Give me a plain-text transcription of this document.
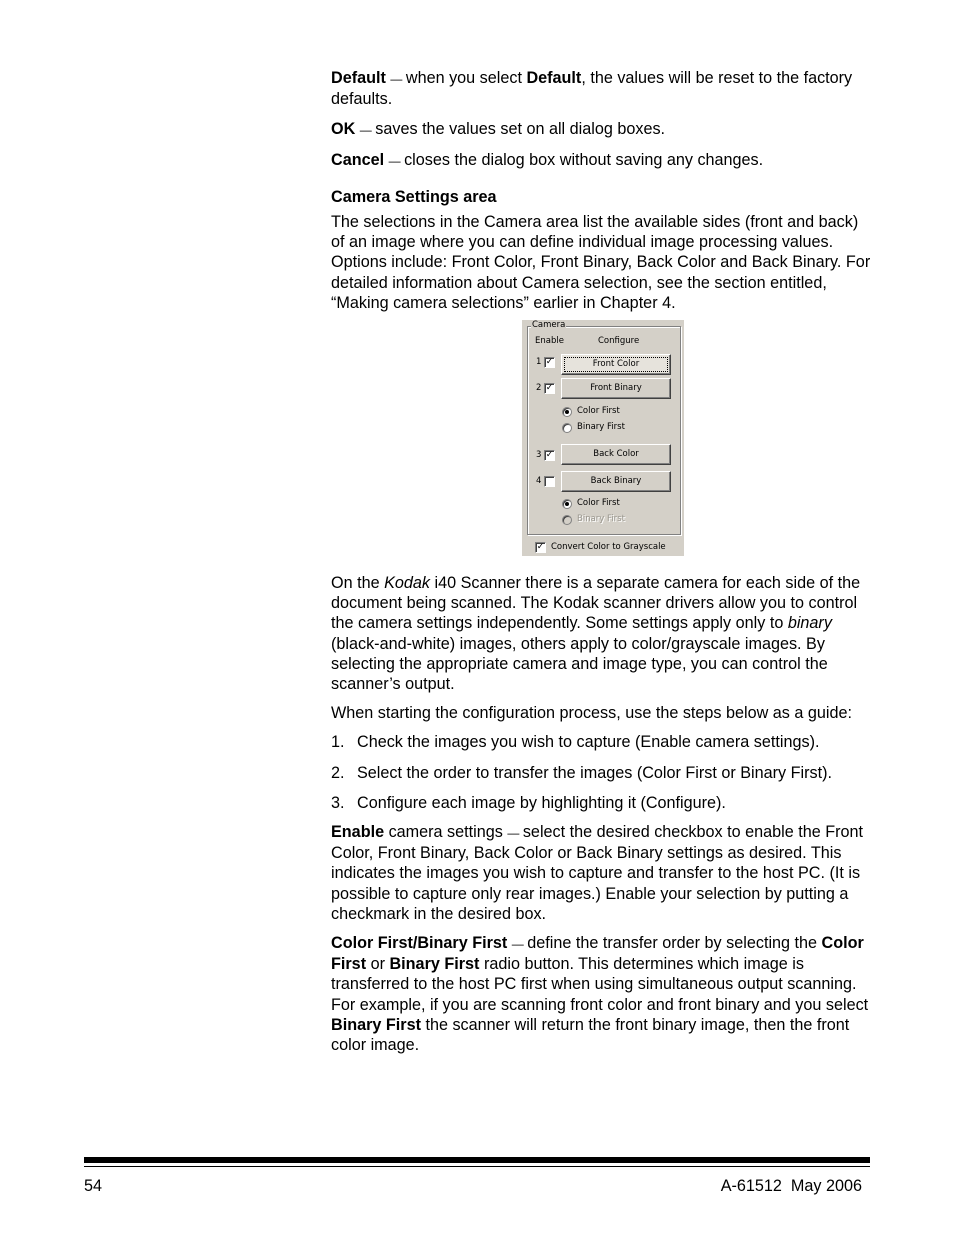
Default — when you select Default, the values will be reset to the factory defaults.

OK — saves the values set on all dialog boxes.

Cancel — closes the dialog box without saving any changes.

Camera Settings area

The selections in the Camera area list the available sides (front and back) of an image where you can define individual image processing values. Options include: Front Color, Front Binary, Back Color and Back Binary. For detailed information about Camera selection, see the section entitled, “Making camera selections” earlier in Chapter 4.

Camera
Enable	Configure
1 ✓	Front Color
2 ✓	Front Binary
Color First
Binary First
3 ✓	Back Color
4	Back Binary
Color First
Binary First
✓ Convert Color to Grayscale

On the Kodak i40 Scanner there is a separate camera for each side of the document being scanned. The Kodak scanner drivers allow you to control the camera settings independently. Some settings apply only to binary (black-and-white) images, others apply to color/grayscale images. By selecting the appropriate camera and image type, you can control the scanner’s output.

When starting the configuration process, use the steps below as a guide:

1. Check the images you wish to capture (Enable camera settings).
2. Select the order to transfer the images (Color First or Binary First).
3. Configure each image by highlighting it (Configure).

Enable camera settings — select the desired checkbox to enable the Front Color, Front Binary, Back Color or Back Binary settings as desired. This indicates the images you wish to capture and transfer to the host PC. (It is possible to capture only rear images.) Enable your selection by putting a checkmark in the desired box.

Color First/Binary First — define the transfer order by selecting the Color First or Binary First radio button. This determines which image is transferred to the host PC first when using simultaneous output scanning. For example, if you are scanning front color and front binary and you select Binary First the scanner will return the front binary image, then the front color image.

54	A-61512  May 2006
